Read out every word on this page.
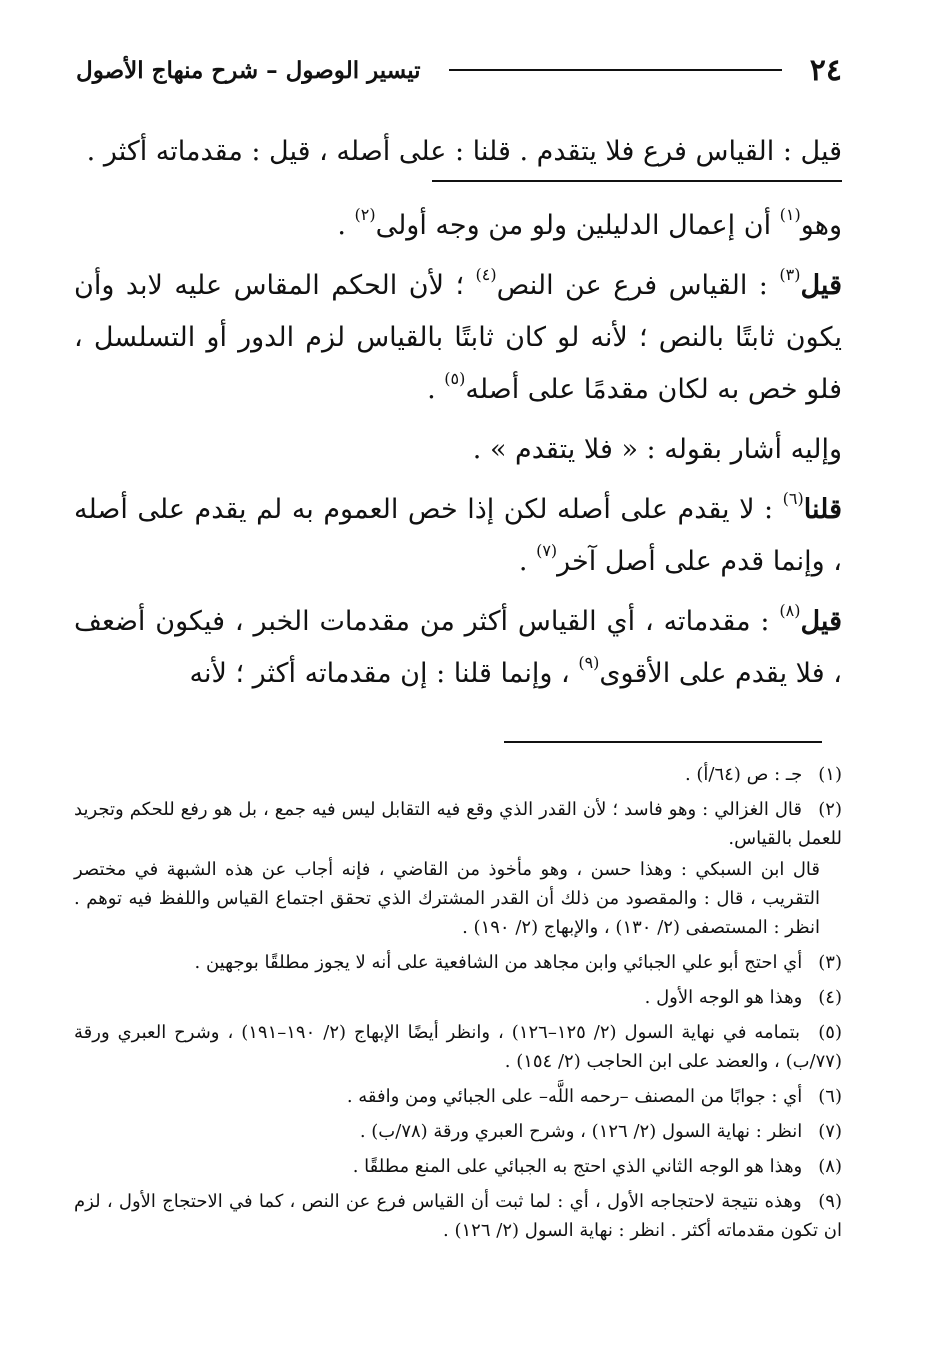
٢٤
تيسير الوصول – شرح منهاج الأصول

قيل : القياس فرع فلا يتقدم . قلنا : على أصله ، قيل : مقدماته أكثر .

وهو$^{(١)}$ أن إعمال الدليلين ولو من وجه أولى$^{(٢)}$ .

قيل$^{(٣)}$ : القياس فرع عن النص$^{(٤)}$ ؛ لأن الحكم المقاس عليه لابد وأن يكون ثابتًا بالنص ؛ لأنه لو كان ثابتًا بالقياس لزم الدور أو التسلسل ، فلو خص به لكان مقدمًا على أصله$^{(٥)}$ .

وإليه أشار بقوله : « فلا يتقدم » .

قلنا$^{(٦)}$ : لا يقدم على أصله لكن إذا خص العموم به لم يقدم على أصله ، وإنما قدم على أصل آخر$^{(٧)}$ .

قيل$^{(٨)}$ : مقدماته ، أي القياس أكثر من مقدمات الخبر ، فيكون أضعف ، فلا يقدم على الأقوى$^{(٩)}$ ، وإنما قلنا : إن مقدماته أكثر ؛ لأنه

(١) جـ : ص (٦٤/أ) .
(٢) قال الغزالي : وهو فاسد ؛ لأن القدر الذي وقع فيه التقابل ليس فيه جمع ، بل هو رفع للحكم وتجريد للعمل بالقياس.
قال ابن السبكي : وهذا حسن ، وهو مأخوذ من القاضي ، فإنه أجاب عن هذه الشبهة في مختصر التقريب ، قال : والمقصود من ذلك أن القدر المشترك الذي تحقق اجتماع القياس واللفظ فيه توهم . انظر : المستصفى (٢/ ١٣٠) ، والإبهاج (٢/ ١٩٠) .
(٣) أي احتج أبو علي الجبائي وابن مجاهد من الشافعية على أنه لا يجوز مطلقًا بوجهين .
(٤) وهذا هو الوجه الأول .
(٥) بتمامه في نهاية السول (٢/ ١٢٥–١٢٦) ، وانظر أيضًا الإبهاج (٢/ ١٩٠–١٩١) ، وشرح العبري ورقة (٧٧/ب) ، والعضد على ابن الحاجب (٢/ ١٥٤) .
(٦) أي : جوابًا من المصنف –رحمه اللَّه– على الجبائي ومن وافقه .
(٧) انظر : نهاية السول (٢/ ١٢٦) ، وشرح العبري ورقة (٧٨/ب) .
(٨) وهذا هو الوجه الثاني الذي احتج به الجبائي على المنع مطلقًا .
(٩) وهذه نتيجة لاحتجاجه الأول ، أي : لما ثبت أن القياس فرع عن النص ، كما في الاحتجاج الأول ، لزم ان تكون مقدماته أكثر . انظر : نهاية السول (٢/ ١٢٦) .
